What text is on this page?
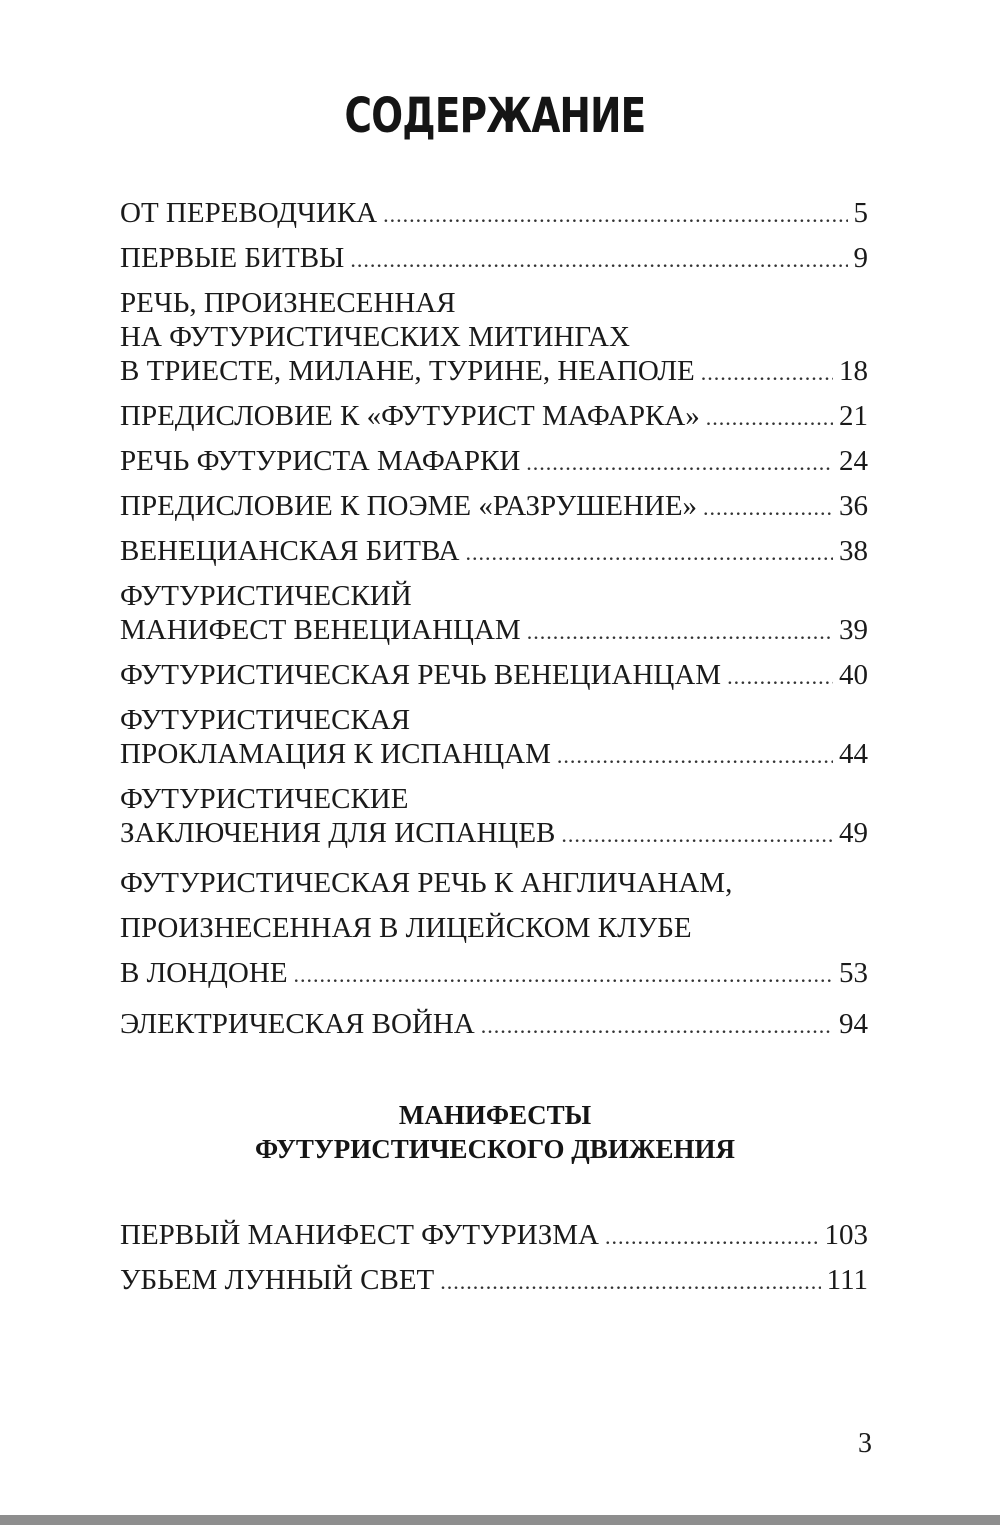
СОДЕРЖАНИЕ
ОТ ПЕРЕВОДЧИКА .....	5
ПЕРВЫЕ БИТВЫ .....	9
РЕЧЬ, ПРОИЗНЕСЕННАЯ
НА ФУТУРИСТИЧЕСКИХ МИТИНГАХ
В ТРИЕСТЕ, МИЛАНЕ, ТУРИНЕ, НЕАПОЛЕ .....	18
ПРЕДИСЛОВИЕ К «ФУТУРИСТ МАФАРКА» .....	21
РЕЧЬ ФУТУРИСТА МАФАРКИ .....	24
ПРЕДИСЛОВИЕ К ПОЭМЕ «РАЗРУШЕНИЕ» .....	36
ВЕНЕЦИАНСКАЯ БИТВА .....	38
ФУТУРИСТИЧЕСКИЙ
МАНИФЕСТ ВЕНЕЦИАНЦАМ .....	39
ФУТУРИСТИЧЕСКАЯ РЕЧЬ ВЕНЕЦИАНЦАМ .....	40
ФУТУРИСТИЧЕСКАЯ
ПРОКЛАМАЦИЯ К ИСПАНЦАМ .....	44
ФУТУРИСТИЧЕСКИЕ
ЗАКЛЮЧЕНИЯ ДЛЯ ИСПАНЦЕВ .....	49
ФУТУРИСТИЧЕСКАЯ РЕЧЬ К АНГЛИЧАНАМ,
ПРОИЗНЕСЕННАЯ В ЛИЦЕЙСКОМ КЛУБЕ
В ЛОНДОНЕ .....	53
ЭЛЕКТРИЧЕСКАЯ ВОЙНА .....	94
МАНИФЕСТЫ
ФУТУРИСТИЧЕСКОГО ДВИЖЕНИЯ
ПЕРВЫЙ МАНИФЕСТ ФУТУРИЗМА .....	103
УБЬЕМ ЛУННЫЙ СВЕТ .....	111
3
